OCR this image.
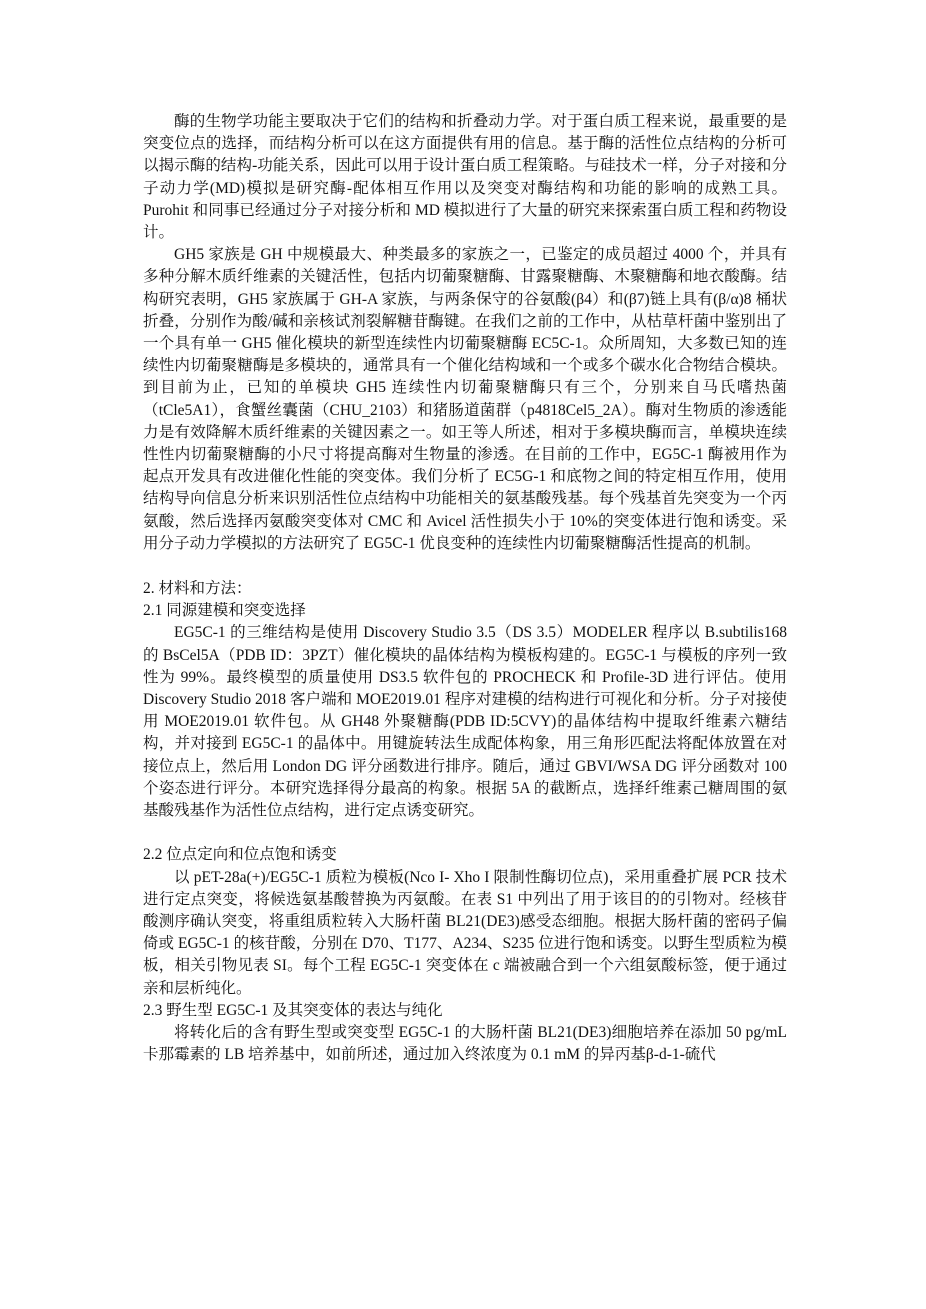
酶的生物学功能主要取决于它们的结构和折叠动力学。对于蛋白质工程来说，最重要的是突变位点的选择，而结构分析可以在这方面提供有用的信息。基于酶的活性位点结构的分析可以揭示酶的结构-功能关系，因此可以用于设计蛋白质工程策略。与硅技术一样，分子对接和分子动力学(MD)模拟是研究酶-配体相互作用以及突变对酶结构和功能的影响的成熟工具。Purohit 和同事已经通过分子对接分析和 MD 模拟进行了大量的研究来探索蛋白质工程和药物设计。

GH5 家族是 GH 中规模最大、种类最多的家族之一，已鉴定的成员超过 4000 个，并具有多种分解木质纤维素的关键活性，包括内切葡聚糖酶、甘露聚糖酶、木聚糖酶和地衣酸酶。结构研究表明，GH5 家族属于 GH-A 家族，与两条保守的谷氨酸(β4）和(β7)链上具有(β/α)8 桶状折叠，分别作为酸/碱和亲核试剂裂解糖苷酶键。在我们之前的工作中，从枯草杆菌中鉴别出了一个具有单一 GH5 催化模块的新型连续性内切葡聚糖酶 EC5C-1。众所周知，大多数已知的连续性内切葡聚糖酶是多模块的，通常具有一个催化结构域和一个或多个碳水化合物结合模块。到目前为止，已知的单模块 GH5 连续性内切葡聚糖酶只有三个，分别来自马氏嗜热菌（tCle5A1），食蟹丝囊菌（CHU_2103）和猪肠道菌群（p4818Cel5_2A）。酶对生物质的渗透能力是有效降解木质纤维素的关键因素之一。如王等人所述，相对于多模块酶而言，单模块连续性性内切葡聚糖酶的小尺寸将提高酶对生物量的渗透。在目前的工作中，EG5C-1 酶被用作为起点开发具有改进催化性能的突变体。我们分析了 EC5G-1 和底物之间的特定相互作用，使用结构导向信息分析来识别活性位点结构中功能相关的氨基酸残基。每个残基首先突变为一个丙氨酸，然后选择丙氨酸突变体对 CMC 和 Avicel 活性损失小于 10%的突变体进行饱和诱变。采用分子动力学模拟的方法研究了 EG5C-1 优良变种的连续性内切葡聚糖酶活性提高的机制。

2. 材料和方法：

2.1 同源建模和突变选择

EG5C-1 的三维结构是使用 Discovery Studio 3.5（DS 3.5）MODELER 程序以 B.subtilis168 的 BsCel5A（PDB ID：3PZT）催化模块的晶体结构为模板构建的。EG5C-1 与模板的序列一致性为 99%。最终模型的质量使用 DS3.5 软件包的 PROCHECK 和 Profile-3D 进行评估。使用 Discovery Studio 2018 客户端和 MOE2019.01 程序对建模的结构进行可视化和分析。分子对接使用 MOE2019.01 软件包。从 GH48 外聚糖酶(PDB ID:5CVY)的晶体结构中提取纤维素六糖结构，并对接到 EG5C-1 的晶体中。用键旋转法生成配体构象，用三角形匹配法将配体放置在对接位点上，然后用 London DG 评分函数进行排序。随后，通过 GBVI/WSA DG 评分函数对 100 个姿态进行评分。本研究选择得分最高的构象。根据 5A 的截断点，选择纤维素己糖周围的氨基酸残基作为活性位点结构，进行定点诱变研究。

2.2 位点定向和位点饱和诱变

以 pET-28a(+)/EG5C-1 质粒为模板(Nco I- Xho I 限制性酶切位点)，采用重叠扩展 PCR 技术进行定点突变，将候选氨基酸替换为丙氨酸。在表 S1 中列出了用于该目的的引物对。经核苷酸测序确认突变，将重组质粒转入大肠杆菌 BL21(DE3)感受态细胞。根据大肠杆菌的密码子偏倚或 EG5C-1 的核苷酸，分别在 D70、T177、A234、S235 位进行饱和诱变。以野生型质粒为模板，相关引物见表 SI。每个工程 EG5C-1 突变体在 c 端被融合到一个六组氨酸标签，便于通过亲和层析纯化。

2.3 野生型 EG5C-1 及其突变体的表达与纯化

将转化后的含有野生型或突变型 EG5C-1 的大肠杆菌 BL21(DE3)细胞培养在添加 50 pg/mL 卡那霉素的 LB 培养基中，如前所述，通过加入终浓度为 0.1 mM 的异丙基β-d-1-硫代
